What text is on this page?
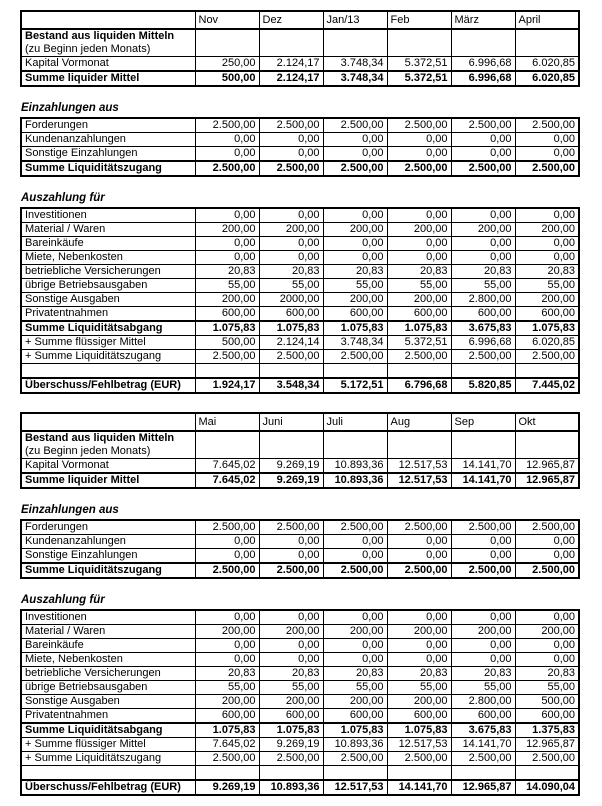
	Nov	Dez	Jan/13	Feb	März	April

Bestand aus liquiden Mitteln
(zu Beginn jeden Monats)						

Kapital Vormonat	250,00	2.124,17	3.748,34	5.372,51	6.996,68	6.020,85
Summe liquider Mittel	500,00	2.124,17	3.748,34	5.372,51	6.996,68	6.020,85
Einzahlungen aus
Forderungen	2.500,00	2.500,00	2.500,00	2.500,00	2.500,00	2.500,00
Kundenanzahlungen	0,00	0,00	0,00	0,00	0,00	0,00
Sonstige Einzahlungen	0,00	0,00	0,00	0,00	0,00	0,00
Summe Liquiditätszugang	2.500,00	2.500,00	2.500,00	2.500,00	2.500,00	2.500,00
Auszahlung für
Investitionen	0,00	0,00	0,00	0,00	0,00	0,00
Material / Waren	200,00	200,00	200,00	200,00	200,00	200,00
Bareinkäufe	0,00	0,00	0,00	0,00	0,00	0,00
Miete, Nebenkosten	0,00	0,00	0,00	0,00	0,00	0,00
betriebliche Versicherungen	20,83	20,83	20,83	20,83	20,83	20,83
übrige Betriebsausgaben	55,00	55,00	55,00	55,00	55,00	55,00
Sonstige Ausgaben	200,00	2000,00	200,00	200,00	2.800,00	200,00
Privatentnahmen	600,00	600,00	600,00	600,00	600,00	600,00
Summe Liquiditätsabgang	1.075,83	1.075,83	1.075,83	1.075,83	3.675,83	1.075,83
+ Summe flüssiger Mittel	500,00	2.124,14	3.748,34	5.372,51	6.996,68	6.020,85
+ Summe Liquiditätszugang	2.500,00	2.500,00	2.500,00	2.500,00	2.500,00	2.500,00

Überschuss/Fehlbetrag (EUR)	1.924,17	3.548,34	5.172,51	6.796,68	5.820,85	7.445,02
	Mai	Juni	Juli	Aug	Sep	Okt

Bestand aus liquiden Mitteln
(zu Beginn jeden Monats)						

Kapital Vormonat	7.645,02	9.269,19	10.893,36	12.517,53	14.141,70	12.965,87
Summe liquider Mittel	7.645,02	9.269,19	10.893,36	12.517,53	14.141,70	12.965,87
Einzahlungen aus
Forderungen	2.500,00	2.500,00	2.500,00	2.500,00	2.500,00	2.500,00
Kundenanzahlungen	0,00	0,00	0,00	0,00	0,00	0,00
Sonstige Einzahlungen	0,00	0,00	0,00	0,00	0,00	0,00
Summe Liquiditätszugang	2.500,00	2.500,00	2.500,00	2.500,00	2.500,00	2.500,00
Auszahlung für
Investitionen	0,00	0,00	0,00	0,00	0,00	0,00
Material / Waren	200,00	200,00	200,00	200,00	200,00	200,00
Bareinkäufe	0,00	0,00	0,00	0,00	0,00	0,00
Miete, Nebenkosten	0,00	0,00	0,00	0,00	0,00	0,00
betriebliche Versicherungen	20,83	20,83	20,83	20,83	20,83	20,83
übrige Betriebsausgaben	55,00	55,00	55,00	55,00	55,00	55,00
Sonstige Ausgaben	200,00	200,00	200,00	200,00	2.800,00	500,00
Privatentnahmen	600,00	600,00	600,00	600,00	600,00	600,00
Summe Liquiditätsabgang	1.075,83	1.075,83	1.075,83	1.075,83	3.675,83	1.375,83
+ Summe flüssiger Mittel	7.645,02	9.269,19	10.893,36	12.517,53	14.141,70	12.965,87
+ Summe Liquiditätszugang	2.500,00	2.500,00	2.500,00	2.500,00	2.500,00	2.500,00

Überschuss/Fehlbetrag (EUR)	9.269,19	10.893,36	12.517,53	14.141,70	12.965,87	14.090,04
